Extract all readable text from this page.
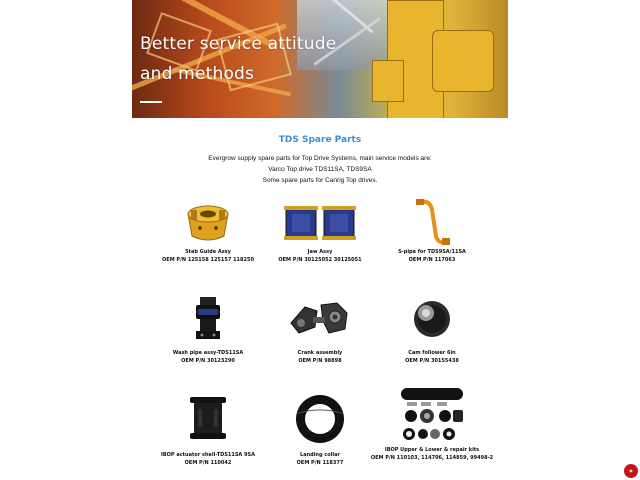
Better service attitude
and methods
TDS Spare Parts
Evergrow supply spare parts for Top Drive Systems, main service models are:
Varco Top drive TDS11SA, TDS9SA
Some spare parts for Canrig Top drives.
Stab Guide Assy
OEM P/N 125158 125157 118250
Jaw Assy
OEM P/N 30125052 30125051
S-pipe for TDS9SA/11SA
OEM P/N 117063
Wash pipe assy-TDS11SA
OEM P/N 30123290
Crank assembly
OEM P/N 98898
Cam follower 6in
OEM P/N 30155438
IBOP actuator shell-TDS11SA 9SA
OEM P/N 110042
Landing collar
OEM P/N 118377
IBOP Upper & Lower & repair kits
OEM P/N 110103, 114706, 114859, 99498-2
◉
